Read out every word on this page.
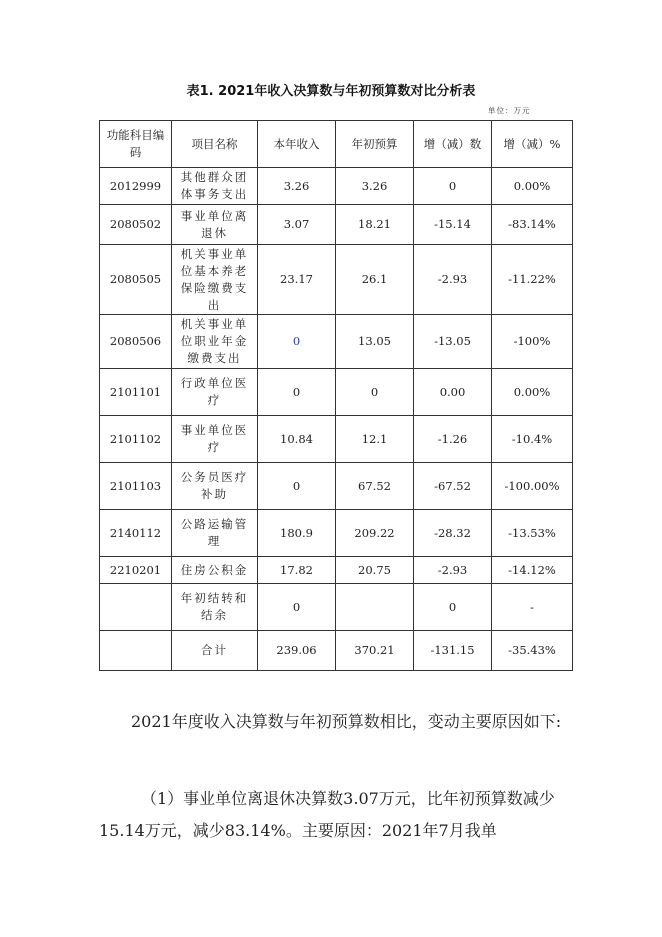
表1. 2021年收入决算数与年初预算数对比分析表
单位：万元
功能科目编码	项目名称	本年收入	年初预算	增（减）数	增（减）%
2012999	其他群众团体事务支出	3.26	3.26	0	0.00%
2080502	事业单位离退休	3.07	18.21	-15.14	-83.14%
2080505	机关事业单位基本养老保险缴费支出	23.17	26.1	-2.93	-11.22%
2080506	机关事业单位职业年金缴费支出	0	13.05	-13.05	-100%
2101101	行政单位医疗	0	0	0.00	0.00%
2101102	事业单位医疗	10.84	12.1	-1.26	-10.4%
2101103	公务员医疗补助	0	67.52	-67.52	-100.00%
2140112	公路运输管理	180.9	209.22	-28.32	-13.53%
2210201	住房公积金	17.82	20.75	-2.93	-14.12%
	年初结转和结余	0		0	-
	合计	239.06	370.21	-131.15	-35.43%
2021年度收入决算数与年初预算数相比，变动主要原因如下:
（1）事业单位离退休决算数3.07万元，比年初预算数减少15.14万元，减少83.14%。主要原因：2021年7月我单
